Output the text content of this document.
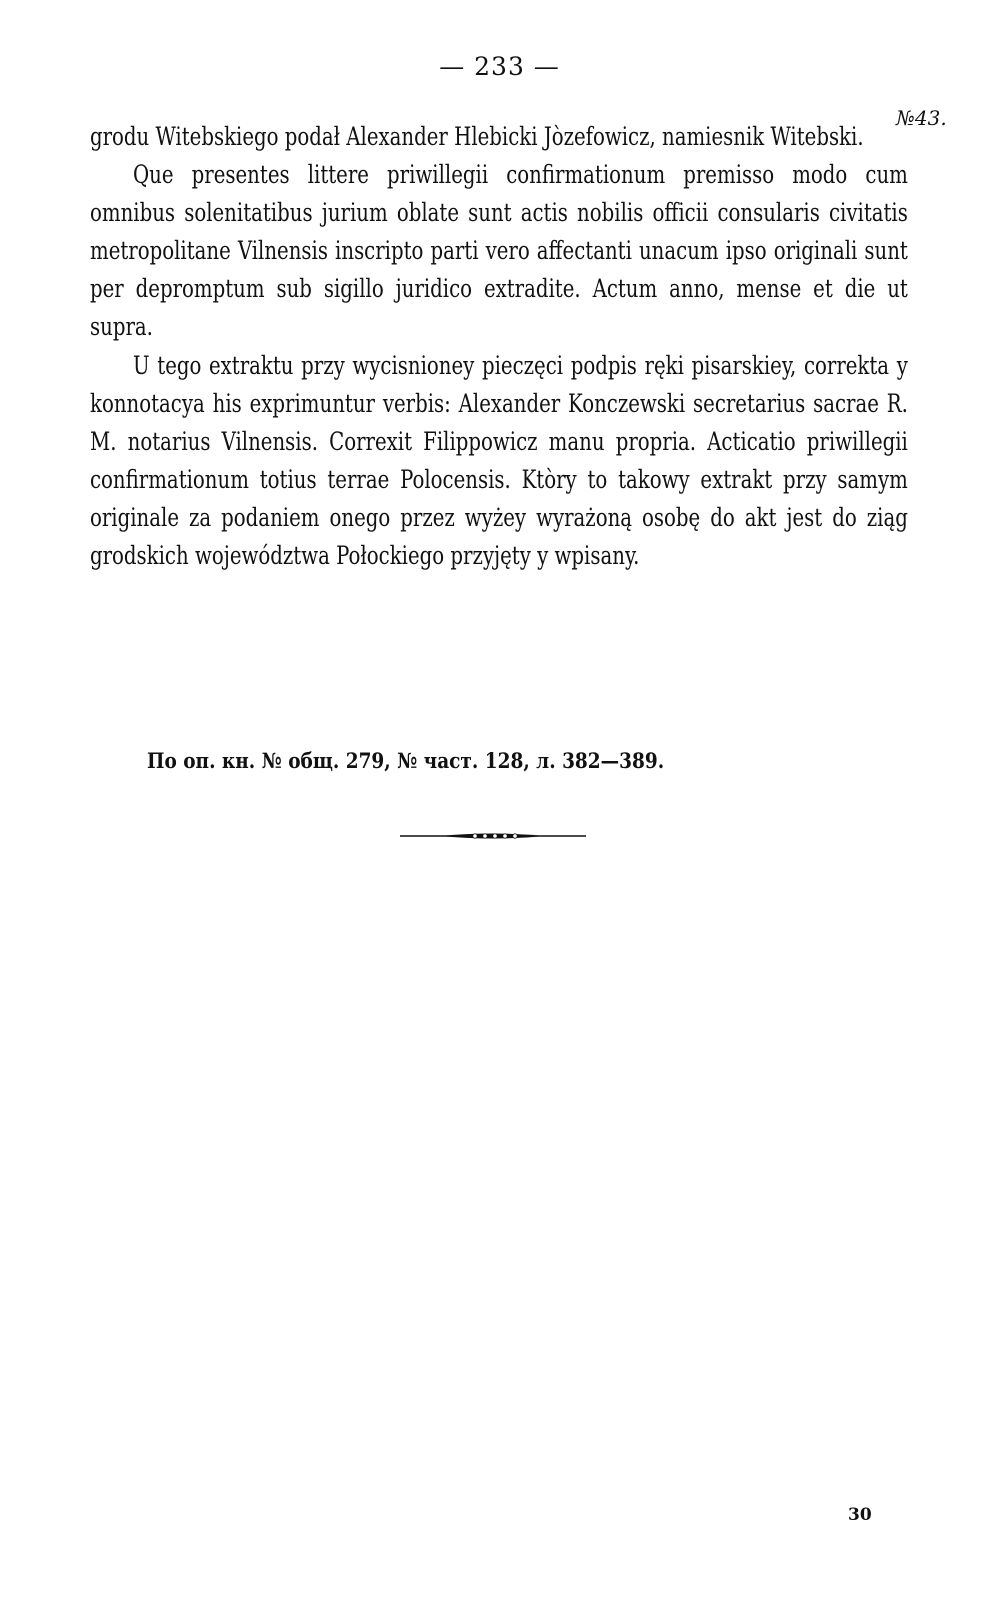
— 233 —
№43.

grodu Witebskiego podał Alexander Hlebicki Jòzefowicz, namiesnik Witebski.

Que presentes littere priwillegii confirmationum premisso modo cum omnibus solenitatibus jurium oblate sunt actis nobilis officii consularis civitatis metropolitane Vilnensis inscripto parti vero affectanti unacum ipso originali sunt per depromptum sub sigillo juridico extradite. Actum anno, mense et die ut supra.

U tego extraktu przy wycisnioney pieczęci podpis ręki pisarskiey, correkta y konnotacya his exprimuntur verbis: Alexander Konczewski secretarius sacrae R. M. notarius Vilnensis. Correxit Filippowicz manu propria. Acticatio priwillegii confirmationum totius terrae Polocensis. Ktòry to takowy extrakt przy samym originale za podaniem onego przez wyżey wyrażoną osobę do akt jest do ziąg grodskich województwa Połockiego przyjęty y wpisany.

По оп. кн. № общ. 279, № част. 128, л. 382—389.
30
